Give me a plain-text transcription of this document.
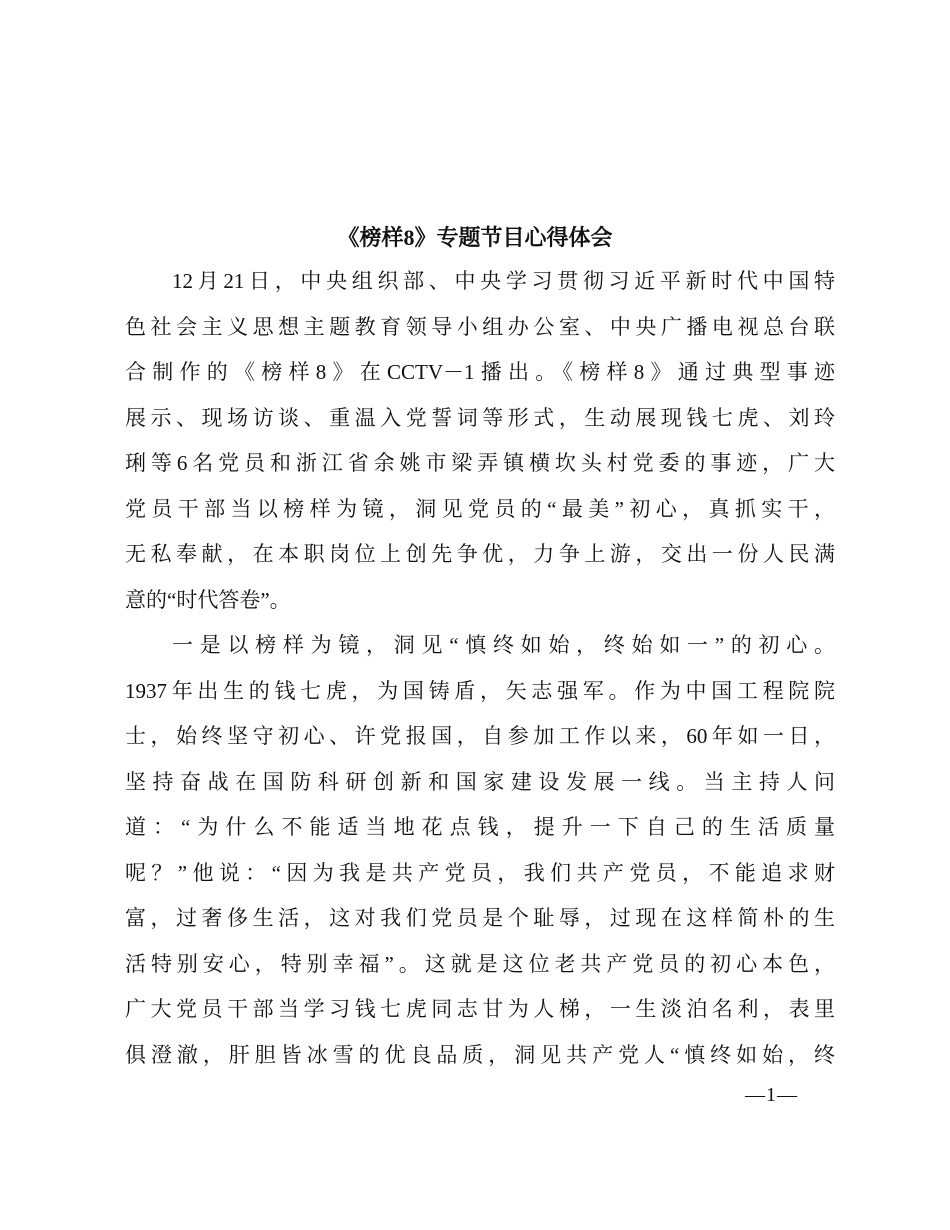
《榜样8》专题节目心得体会
12月21日，中央组织部、中央学习贯彻习近平新时代中国特
色社会主义思想主题教育领导小组办公室、中央广播电视总台联
合制作的《榜样8》在CCTV－1播出。《榜样8》通过典型事迹
展示、现场访谈、重温入党誓词等形式，生动展现钱七虎、刘玲
琍等6名党员和浙江省余姚市梁弄镇横坎头村党委的事迹，广大
党员干部当以榜样为镜，洞见党员的“最美”初心，真抓实干，
无私奉献，在本职岗位上创先争优，力争上游，交出一份人民满
意的“时代答卷”。
一是以榜样为镜，洞见“慎终如始，终始如一”的初心。
1937年出生的钱七虎，为国铸盾，矢志强军。作为中国工程院院
士，始终坚守初心、许党报国，自参加工作以来，60年如一日，
坚持奋战在国防科研创新和国家建设发展一线。当主持人问
道：“为什么不能适当地花点钱，提升一下自己的生活质量
呢？”他说：“因为我是共产党员，我们共产党员，不能追求财
富，过奢侈生活，这对我们党员是个耻辱，过现在这样简朴的生
活特别安心，特别幸福”。这就是这位老共产党员的初心本色，
广大党员干部当学习钱七虎同志甘为人梯，一生淡泊名利，表里
俱澄澈，肝胆皆冰雪的优良品质，洞见共产党人“慎终如始，终
—1—
